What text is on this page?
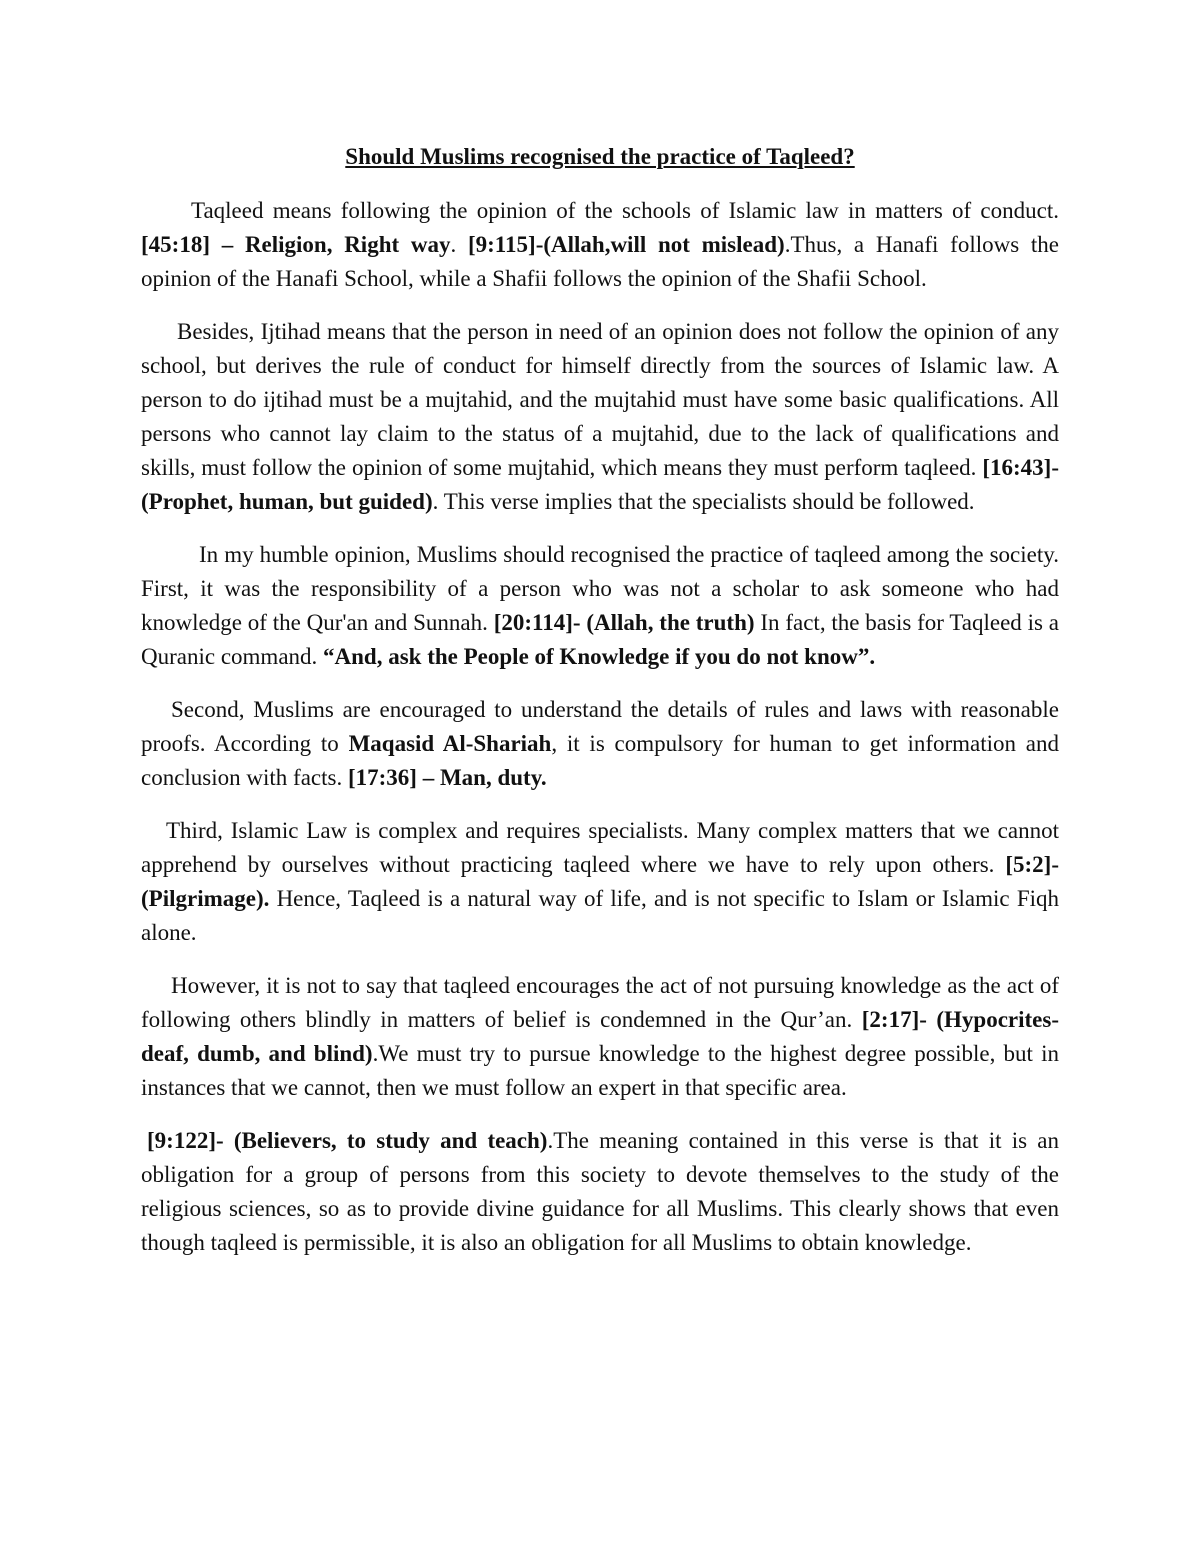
Should Muslims recognised the practice of Taqleed?

Taqleed means following the opinion of the schools of Islamic law in matters of conduct. [45:18] – Religion, Right way. [9:115]-(Allah,will not mislead).Thus, a Hanafi follows the opinion of the Hanafi School, while a Shafii follows the opinion of the Shafii School.

Besides, Ijtihad means that the person in need of an opinion does not follow the opinion of any school, but derives the rule of conduct for himself directly from the sources of Islamic law. A person to do ijtihad must be a mujtahid, and the mujtahid must have some basic qualifications. All persons who cannot lay claim to the status of a mujtahid, due to the lack of qualifications and skills, must follow the opinion of some mujtahid, which means they must perform taqleed. [16:43]-(Prophet, human, but guided). This verse implies that the specialists should be followed.

In my humble opinion, Muslims should recognised the practice of taqleed among the society. First, it was the responsibility of a person who was not a scholar to ask someone who had knowledge of the Qur'an and Sunnah. [20:114]- (Allah, the truth) In fact, the basis for Taqleed is a Quranic command. “And, ask the People of Knowledge if you do not know”.

Second, Muslims are encouraged to understand the details of rules and laws with reasonable proofs. According to Maqasid Al-Shariah, it is compulsory for human to get information and conclusion with facts. [17:36] – Man, duty.

Third, Islamic Law is complex and requires specialists. Many complex matters that we cannot apprehend by ourselves without practicing taqleed where we have to rely upon others. [5:2]- (Pilgrimage). Hence, Taqleed is a natural way of life, and is not specific to Islam or Islamic Fiqh alone.

However, it is not to say that taqleed encourages the act of not pursuing knowledge as the act of following others blindly in matters of belief is condemned in the Qur’an. [2:17]- (Hypocrites- deaf, dumb, and blind).We must try to pursue knowledge to the highest degree possible, but in instances that we cannot, then we must follow an expert in that specific area.

[9:122]- (Believers, to study and teach).The meaning contained in this verse is that it is an obligation for a group of persons from this society to devote themselves to the study of the religious sciences, so as to provide divine guidance for all Muslims. This clearly shows that even though taqleed is permissible, it is also an obligation for all Muslims to obtain knowledge.
